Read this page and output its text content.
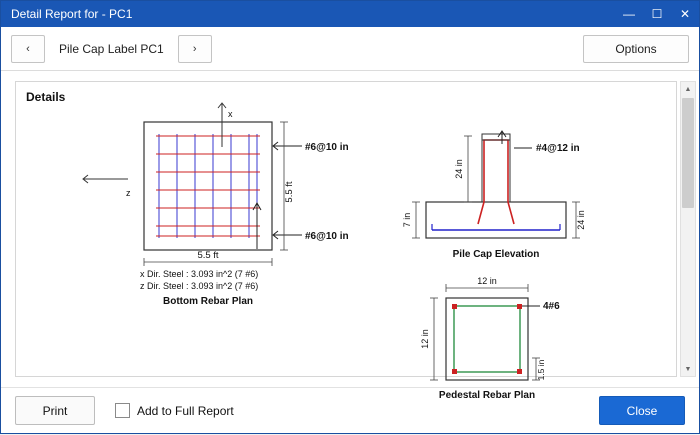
Detail Report for - PC1	—	☐	✕
‹	Pile Cap Label PC1	›	Options
Details
x
z
#6@10 in
#6@10 in
5.5 ft
5.5 ft
x Dir. Steel : 3.093 in^2 (7 #6)
z Dir. Steel : 3.093 in^2 (7 #6)
Bottom Rebar Plan
24 in
#4@12 in
7 in	24 in
Pile Cap Elevation
12 in
12 in
4#6
1.5 in
Pedestal Rebar Plan
▲
▼
Print	Add to Full Report	Close
